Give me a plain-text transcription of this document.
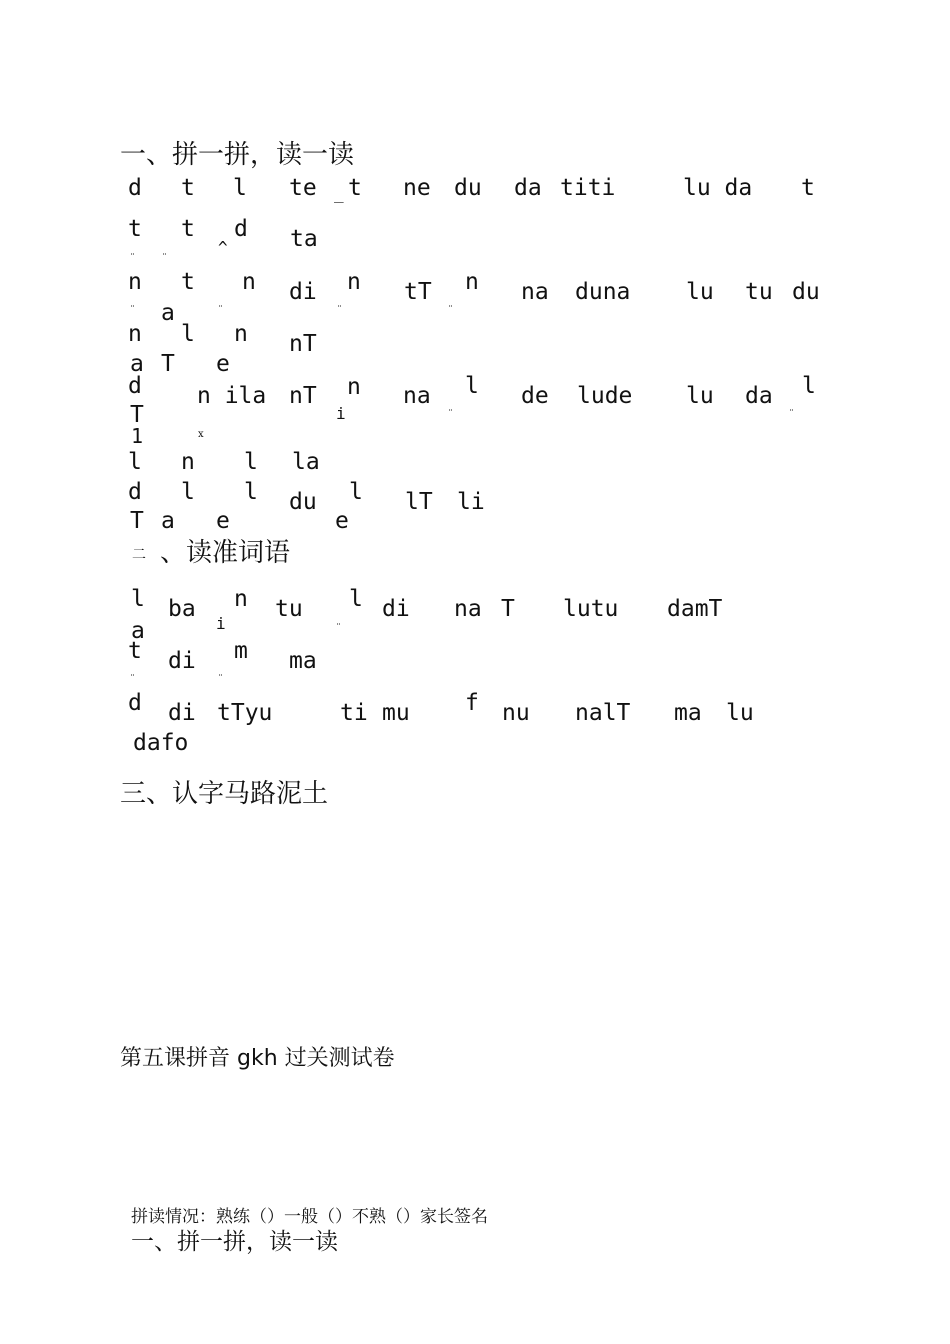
一、拼一拼，读一读
d t l te _ t ne du da titi	lu da t
t t d
^	ta
¨ ¨
n t n di n tT n na duna lu tu du
a
¨	¨	¨	¨
n l n nT
a T e
d n ila nT n na l de lude lu da l
T	i	¨	¨
1	x
l n l la
d l l du l lT li
T a e	e
二 、读准词语
l ba n tu l di na T lutu damT
a	i	¨
t di m ma
¨	¨
d di tTyu	ti mu f nu nalT ma lu
dafo
三、认字马路泥土
第五课拼音 gkh 过关测试卷
拼读情况：熟练（）一般（）不熟（）家长签名
一、拼一拼，读一读
